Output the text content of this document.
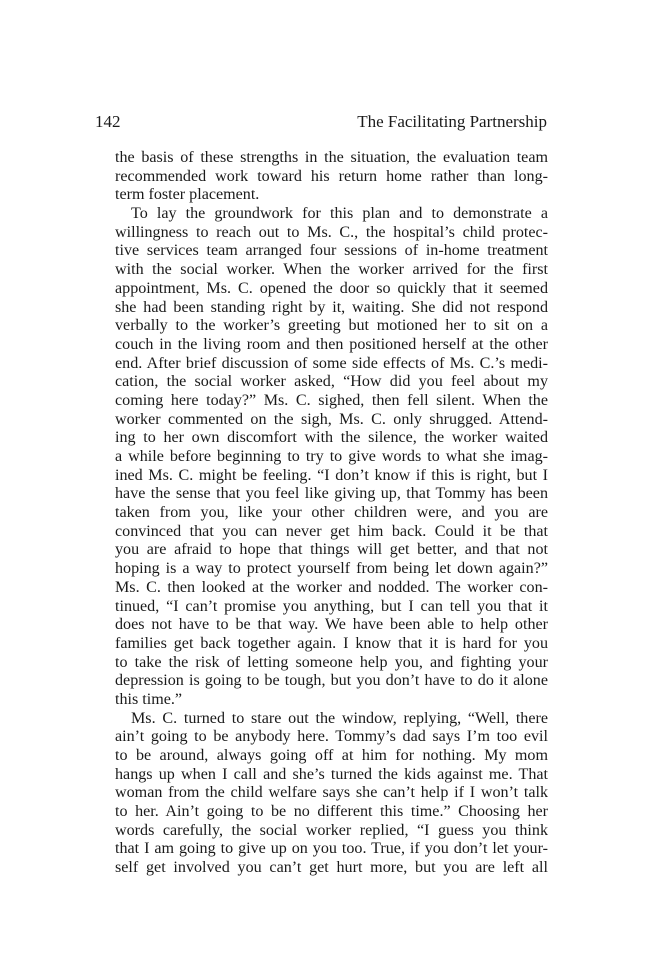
142	The Facilitating Partnership
the basis of these strengths in the situation, the evaluation team
recommended work toward his return home rather than long-
term foster placement.
To lay the groundwork for this plan and to demonstrate a
willingness to reach out to Ms. C., the hospital’s child protec-
tive services team arranged four sessions of in-home treatment
with the social worker. When the worker arrived for the first
appointment, Ms. C. opened the door so quickly that it seemed
she had been standing right by it, waiting. She did not respond
verbally to the worker’s greeting but motioned her to sit on a
couch in the living room and then positioned herself at the other
end. After brief discussion of some side effects of Ms. C.’s medi-
cation, the social worker asked, “How did you feel about my
coming here today?” Ms. C. sighed, then fell silent. When the
worker commented on the sigh, Ms. C. only shrugged. Attend-
ing to her own discomfort with the silence, the worker waited
a while before beginning to try to give words to what she imag-
ined Ms. C. might be feeling. “I don’t know if this is right, but I
have the sense that you feel like giving up, that Tommy has been
taken from you, like your other children were, and you are
convinced that you can never get him back. Could it be that
you are afraid to hope that things will get better, and that not
hoping is a way to protect yourself from being let down again?”
Ms. C. then looked at the worker and nodded. The worker con-
tinued, “I can’t promise you anything, but I can tell you that it
does not have to be that way. We have been able to help other
families get back together again. I know that it is hard for you
to take the risk of letting someone help you, and fighting your
depression is going to be tough, but you don’t have to do it alone
this time.”
Ms. C. turned to stare out the window, replying, “Well, there
ain’t going to be anybody here. Tommy’s dad says I’m too evil
to be around, always going off at him for nothing. My mom
hangs up when I call and she’s turned the kids against me. That
woman from the child welfare says she can’t help if I won’t talk
to her. Ain’t going to be no different this time.” Choosing her
words carefully, the social worker replied, “I guess you think
that I am going to give up on you too. True, if you don’t let your-
self get involved you can’t get hurt more, but you are left all
